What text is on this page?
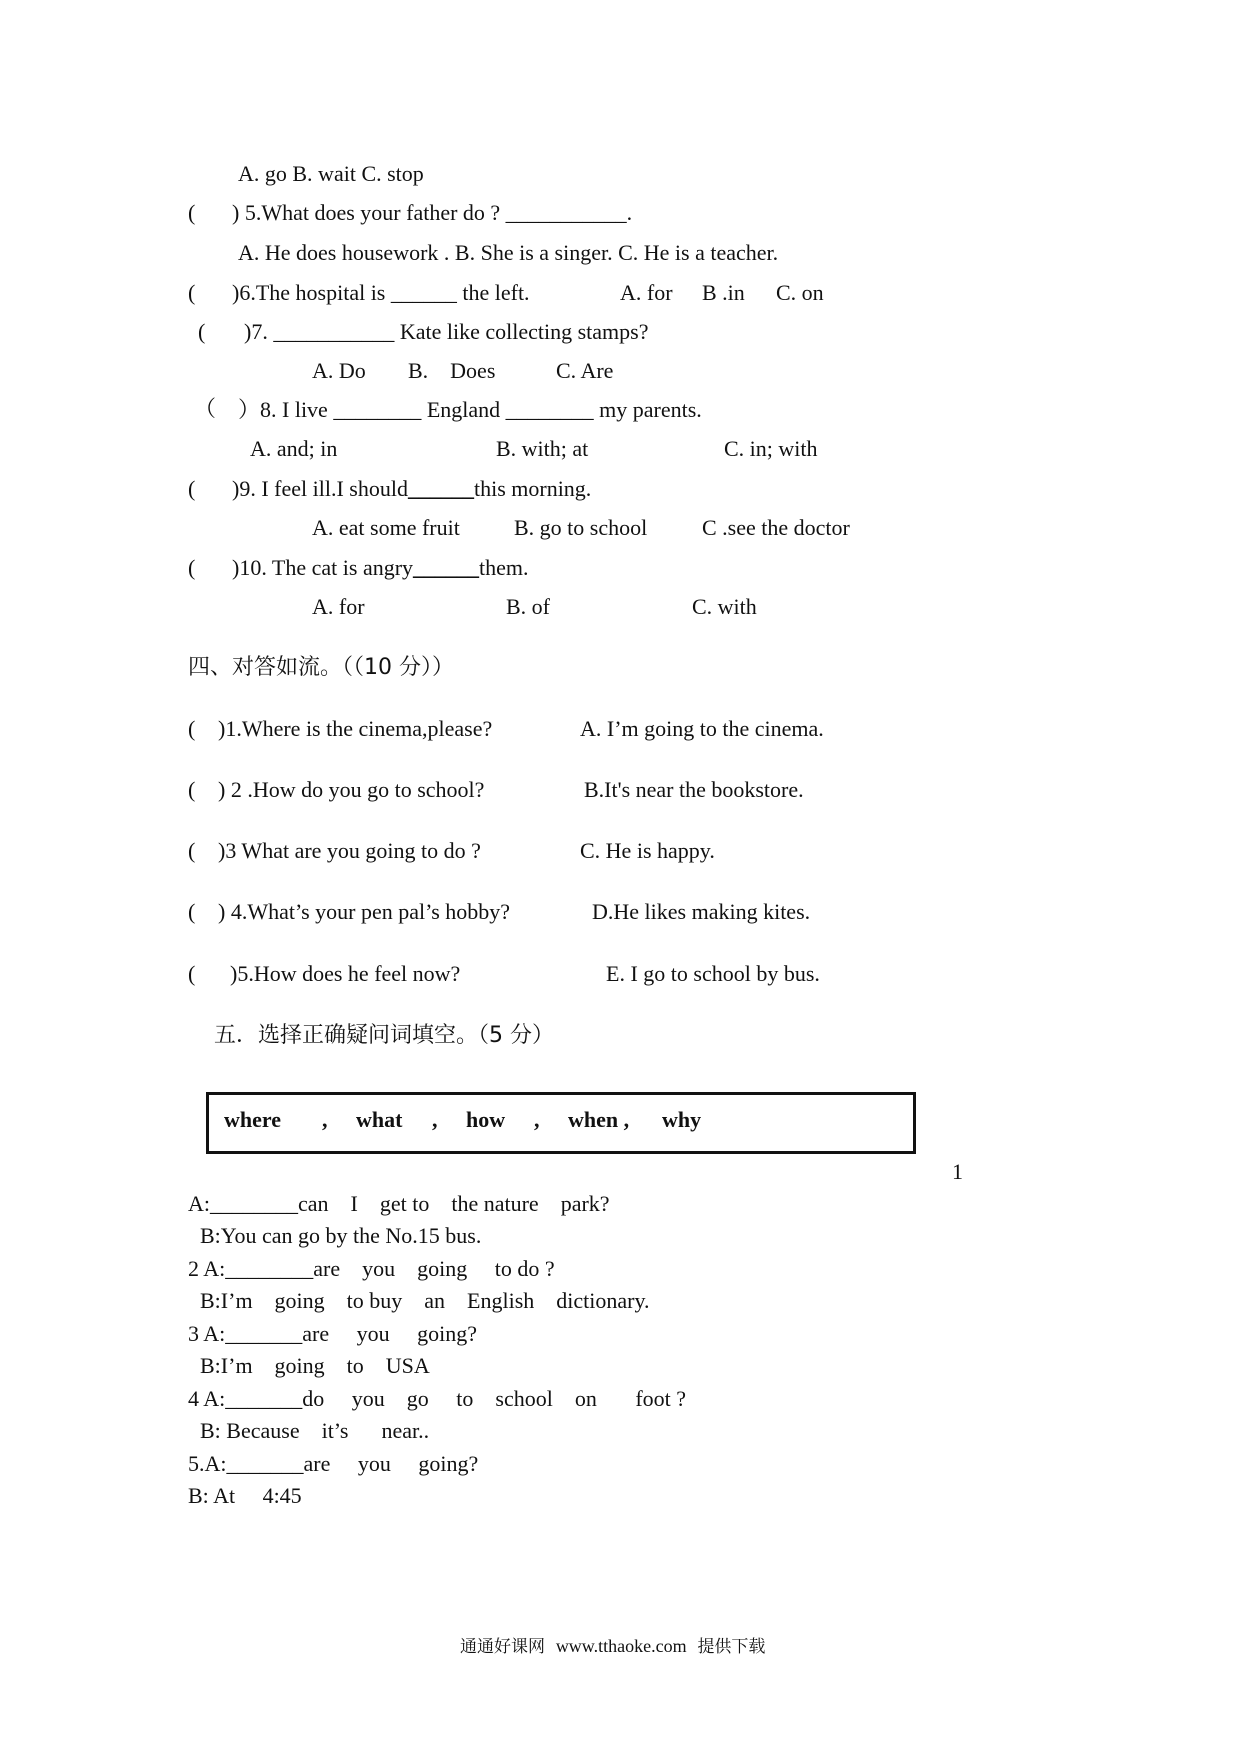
A. go B. wait C. stop
( ) 5.What does your father do ? ___________.
A. He does housework . B. She is a singer. C. He is a teacher.
( )6.The hospital is ______ the left.	A. for B .in C. on
( )7. ___________ Kate like collecting stamps?
A. Do B.    Does	C. Are
（ ）8. I live ________ England ________ my parents.
A. and; in	B. with; at	C. in; with
( )9. I feel ill.I should______this morning.
A. eat some fruit B. go to school C .see the doctor
( )10. The cat is angry______them.
A. for	B. of	C. with
四、对答如流。（（10 分））
( )1.Where is the cinema,please?	A. I’m going to the cinema.
( ) 2 .How do you go to school?	B.It's near the bookstore.
( )3 What are you going to do ?	C. He is happy.
( ) 4.What’s your pen pal’s hobby?	D.He likes making kites.
( )5.How does he feel now?	E. I go to school by bus.
五．选择正确疑问词填空。（5 分）
where , what , how , when , why
1
A:________can    I    get to    the nature    park?
B:You can go by the No.15 bus.
2 A:________are    you    going     to do ?
B:I’m    going    to buy    an    English    dictionary.
3 A:_______are     you     going?
B:I’m    going    to    USA
4 A:_______do     you    go     to    school    on       foot ?
B: Because    it’s      near..
5.A:_______are     you     going?
B: At     4:45
通通好课网 www.tthaoke.com 提供下载
